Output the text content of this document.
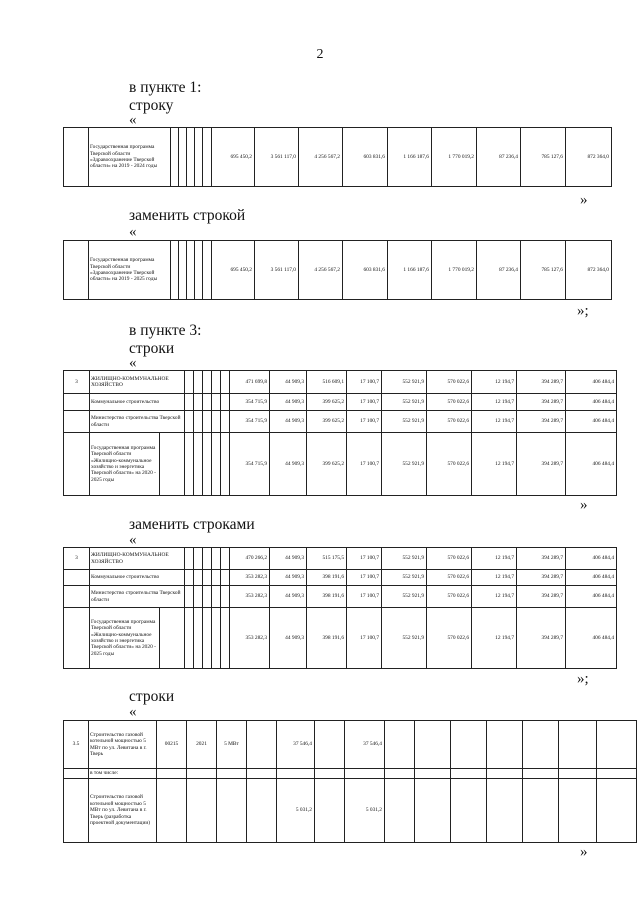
2
в пункте 1:
строку
«
	Государственная программа Тверской области «Здравоохранение Тверской области» на 2019 - 2024 годы						695 450,2	3 561 117,0	4 256 567,2	603 831,6	1 166 187,6	1 770 019,2	87 236,4	785 127,6	872 364,0
»
заменить строкой
«
	Государственная программа Тверской области «Здравоохранение Тверской области» на 2019 - 2025 годы						695 450,2	3 561 117,0	4 256 567,2	603 831,6	1 166 187,6	1 770 019,2	87 236,4	785 127,6	872 364,0
»;
в пункте 3:
строки
«
3	ЖИЛИЩНО-КОММУНАЛЬНОЕ ХОЗЯЙСТВО							471 699,8	44 909,3	516 609,1	17 100,7	552 921,9	570 022,6	12 194,7	394 289,7	406 484,4
	Коммунальное строительство							354 715,9	44 909,3	399 625,2	17 100,7	552 921,9	570 022,6	12 194,7	394 289,7	406 484,4
	Министерство строительства Тверской области							354 715,9	44 909,3	399 625,2	17 100,7	552 921,9	570 022,6	12 194,7	394 289,7	406 484,4
	Государственная программа Тверской области «Жилищно-коммунальное хозяйство и энергетика Тверской области» на 2020 - 2025 годы							354 715,9	44 909,3	399 625,2	17 100,7	552 921,9	570 022,6	12 194,7	394 289,7	406 484,4
»
заменить строками
«
3	ЖИЛИЩНО-КОММУНАЛЬНОЕ ХОЗЯЙСТВО							470 266,2	44 909,3	515 175,5	17 100,7	552 921,9	570 022,6	12 194,7	394 289,7	406 484,4
	Коммунальное строительство							353 282,3	44 909,3	398 191,6	17 100,7	552 921,9	570 022,6	12 194,7	394 289,7	406 484,4
	Министерство строительства Тверской области							353 282,3	44 909,3	398 191,6	17 100,7	552 921,9	570 022,6	12 194,7	394 289,7	406 484,4
	Государственная программа Тверской области «Жилищно-коммунальное хозяйство и энергетика Тверской области» на 2020 - 2025 годы							353 282,3	44 909,3	398 191,6	17 100,7	552 921,9	570 022,6	12 194,7	394 289,7	406 484,4
»;
строки
«
3.5	Строительство газовой котельной мощностью 5 МВт по ул. Левитана в г. Тверь	00215	2021	5 МВт		37 546,4		37 546,4							
	в том числе:														
	Строительство газовой котельной мощностью 5 МВт по ул. Левитана в г. Тверь (разработка проектной документации)					5 031,2		5 031,2							
»
